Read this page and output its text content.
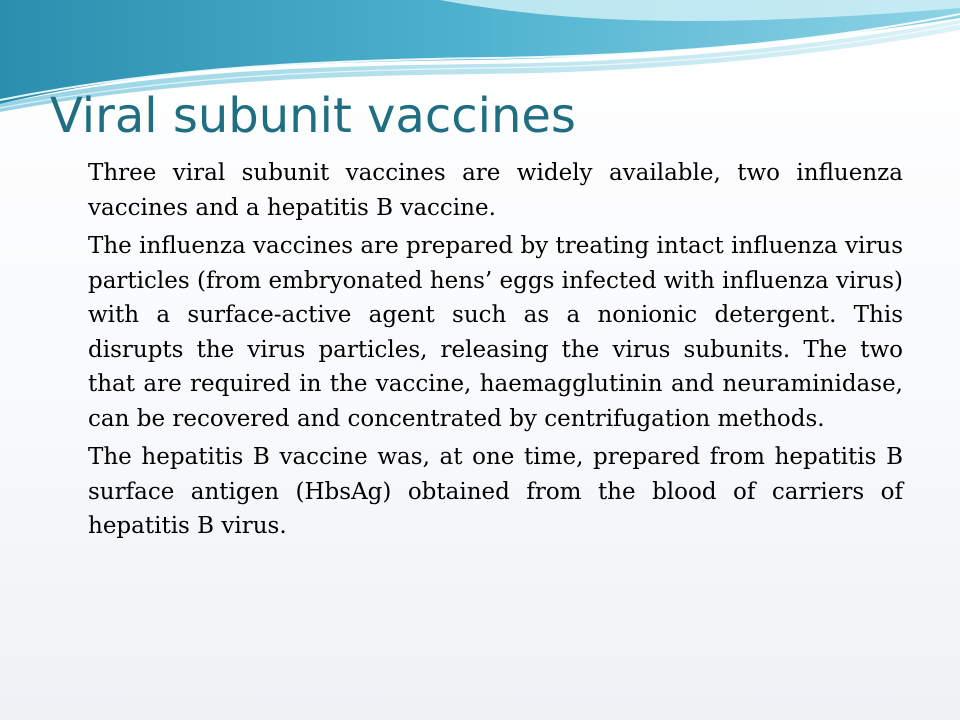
Viral subunit vaccines

Three viral subunit vaccines are widely available, two influenza vaccines and a hepatitis B vaccine.

The influenza vaccines are prepared by treating intact influenza virus particles (from embryonated hens’ eggs infected with influenza virus) with a surface-active agent such as a nonionic detergent. This disrupts the virus particles, releasing the virus subunits. The two that are required in the vaccine, haemagglutinin and neuraminidase, can be recovered and concentrated by centrifugation methods.

The hepatitis B vaccine was, at one time, prepared from hepatitis B surface antigen (HbsAg) obtained from the blood of carriers of hepatitis B virus.
